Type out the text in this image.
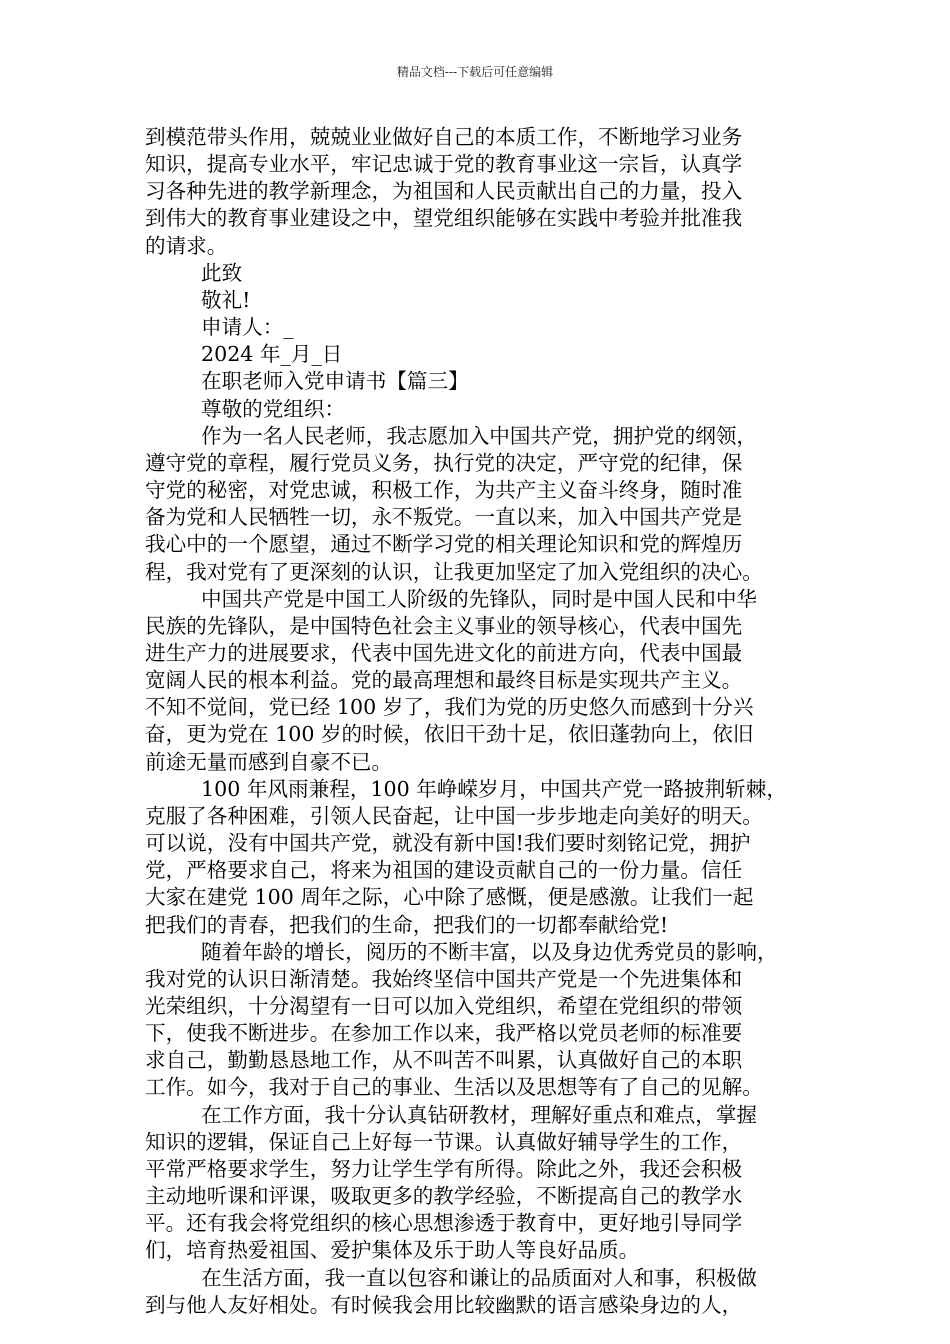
精品文档---下载后可任意编辑
到模范带头作用，兢兢业业做好自己的本质工作，不断地学习业务
知识，提高专业水平，牢记忠诚于党的教育事业这一宗旨，认真学
习各种先进的教学新理念，为祖国和人民贡献出自己的力量，投入
到伟大的教育事业建设之中，望党组织能够在实践中考验并批准我
的请求。
此致
敬礼!
申请人：_
2024 年_月_日
在职老师入党申请书【篇三】
尊敬的党组织：
作为一名人民老师，我志愿加入中国共产党，拥护党的纲领，
遵守党的章程，履行党员义务，执行党的决定，严守党的纪律，保
守党的秘密，对党忠诚，积极工作，为共产主义奋斗终身，随时准
备为党和人民牺牲一切，永不叛党。一直以来，加入中国共产党是
我心中的一个愿望，通过不断学习党的相关理论知识和党的辉煌历
程，我对党有了更深刻的认识，让我更加坚定了加入党组织的决心。
中国共产党是中国工人阶级的先锋队，同时是中国人民和中华
民族的先锋队，是中国特色社会主义事业的领导核心，代表中国先
进生产力的进展要求，代表中国先进文化的前进方向，代表中国最
宽阔人民的根本利益。党的最高理想和最终目标是实现共产主义。
不知不觉间，党已经 100 岁了，我们为党的历史悠久而感到十分兴
奋，更为党在 100 岁的时候，依旧干劲十足，依旧蓬勃向上，依旧
前途无量而感到自豪不已。
100 年风雨兼程，100 年峥嵘岁月，中国共产党一路披荆斩棘，
克服了各种困难，引领人民奋起，让中国一步步地走向美好的明天。
可以说，没有中国共产党，就没有新中国!我们要时刻铭记党，拥护
党，严格要求自己，将来为祖国的建设贡献自己的一份力量。信任
大家在建党 100 周年之际，心中除了感慨，便是感激。让我们一起
把我们的青春，把我们的生命，把我们的一切都奉献给党!
随着年龄的增长，阅历的不断丰富，以及身边优秀党员的影响，
我对党的认识日渐清楚。我始终坚信中国共产党是一个先进集体和
光荣组织，十分渴望有一日可以加入党组织，希望在党组织的带领
下，使我不断进步。在参加工作以来，我严格以党员老师的标准要
求自己，勤勤恳恳地工作，从不叫苦不叫累，认真做好自己的本职
工作。如今，我对于自己的事业、生活以及思想等有了自己的见解。
在工作方面，我十分认真钻研教材，理解好重点和难点，掌握
知识的逻辑，保证自己上好每一节课。认真做好辅导学生的工作，
平常严格要求学生，努力让学生学有所得。除此之外，我还会积极
主动地听课和评课，吸取更多的教学经验，不断提高自己的教学水
平。还有我会将党组织的核心思想渗透于教育中，更好地引导同学
们，培育热爱祖国、爱护集体及乐于助人等良好品质。
在生活方面，我一直以包容和谦让的品质面对人和事，积极做
到与他人友好相处。有时候我会用比较幽默的语言感染身边的人，
